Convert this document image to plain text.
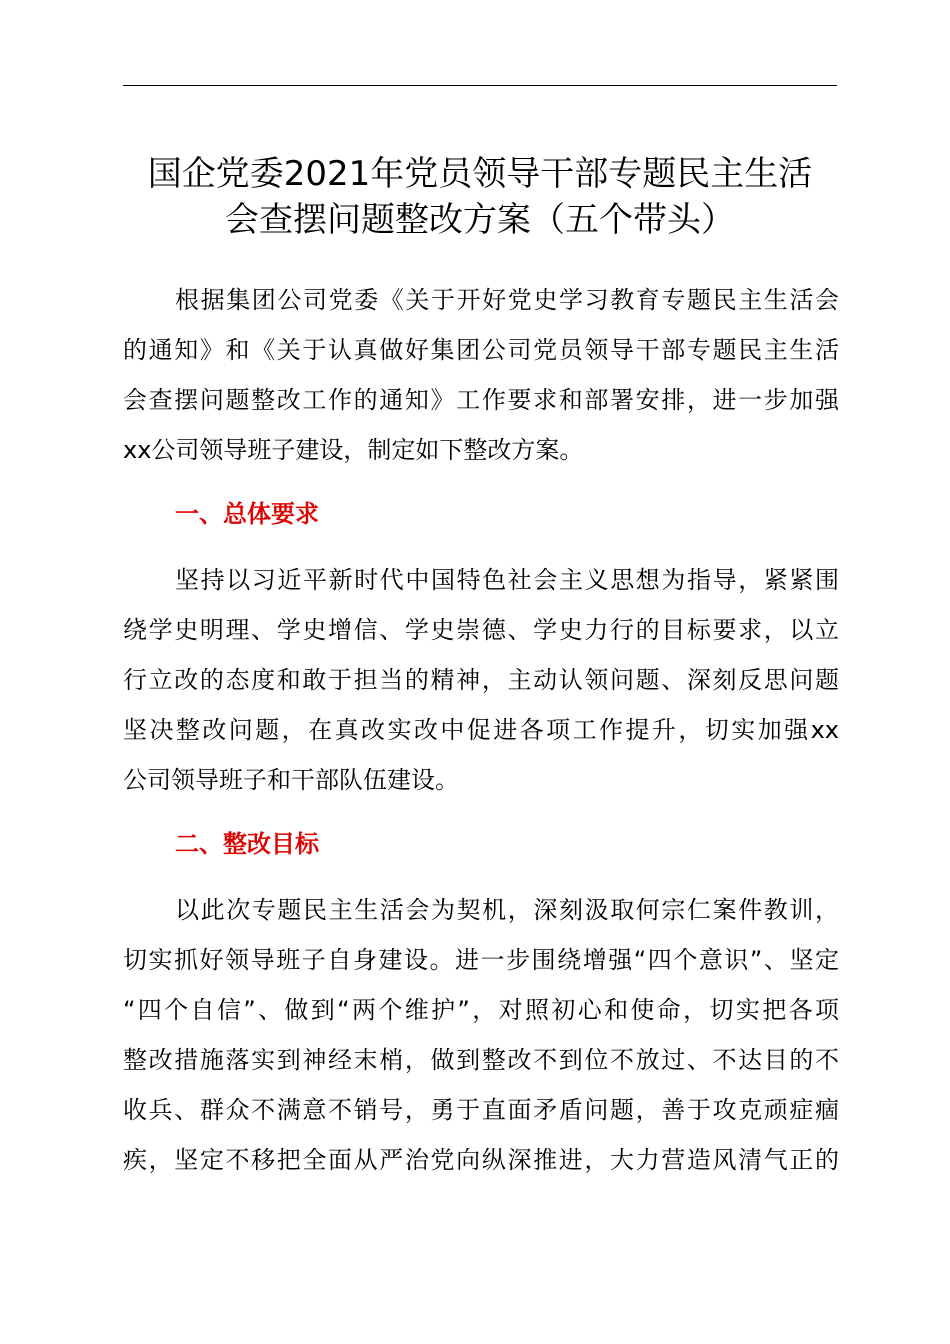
国企党委2021年党员领导干部专题民主生活
会查摆问题整改方案（五个带头）
根据集团公司党委《关于开好党史学习教育专题民主生活会
的通知》和《关于认真做好集团公司党员领导干部专题民主生活
会查摆问题整改工作的通知》工作要求和部署安排，进一步加强
xx公司领导班子建设，制定如下整改方案。
一、总体要求
坚持以习近平新时代中国特色社会主义思想为指导，紧紧围
绕学史明理、学史增信、学史崇德、学史力行的目标要求，以立
行立改的态度和敢于担当的精神，主动认领问题、深刻反思问题
坚决整改问题，在真改实改中促进各项工作提升，切实加强xx
公司领导班子和干部队伍建设。
二、整改目标
以此次专题民主生活会为契机，深刻汲取何宗仁案件教训，
切实抓好领导班子自身建设。进一步围绕增强“四个意识”、坚定
“四个自信”、做到“两个维护”，对照初心和使命，切实把各项
整改措施落实到神经末梢，做到整改不到位不放过、不达目的不
收兵、群众不满意不销号，勇于直面矛盾问题，善于攻克顽症痼
疾，坚定不移把全面从严治党向纵深推进，大力营造风清气正的
